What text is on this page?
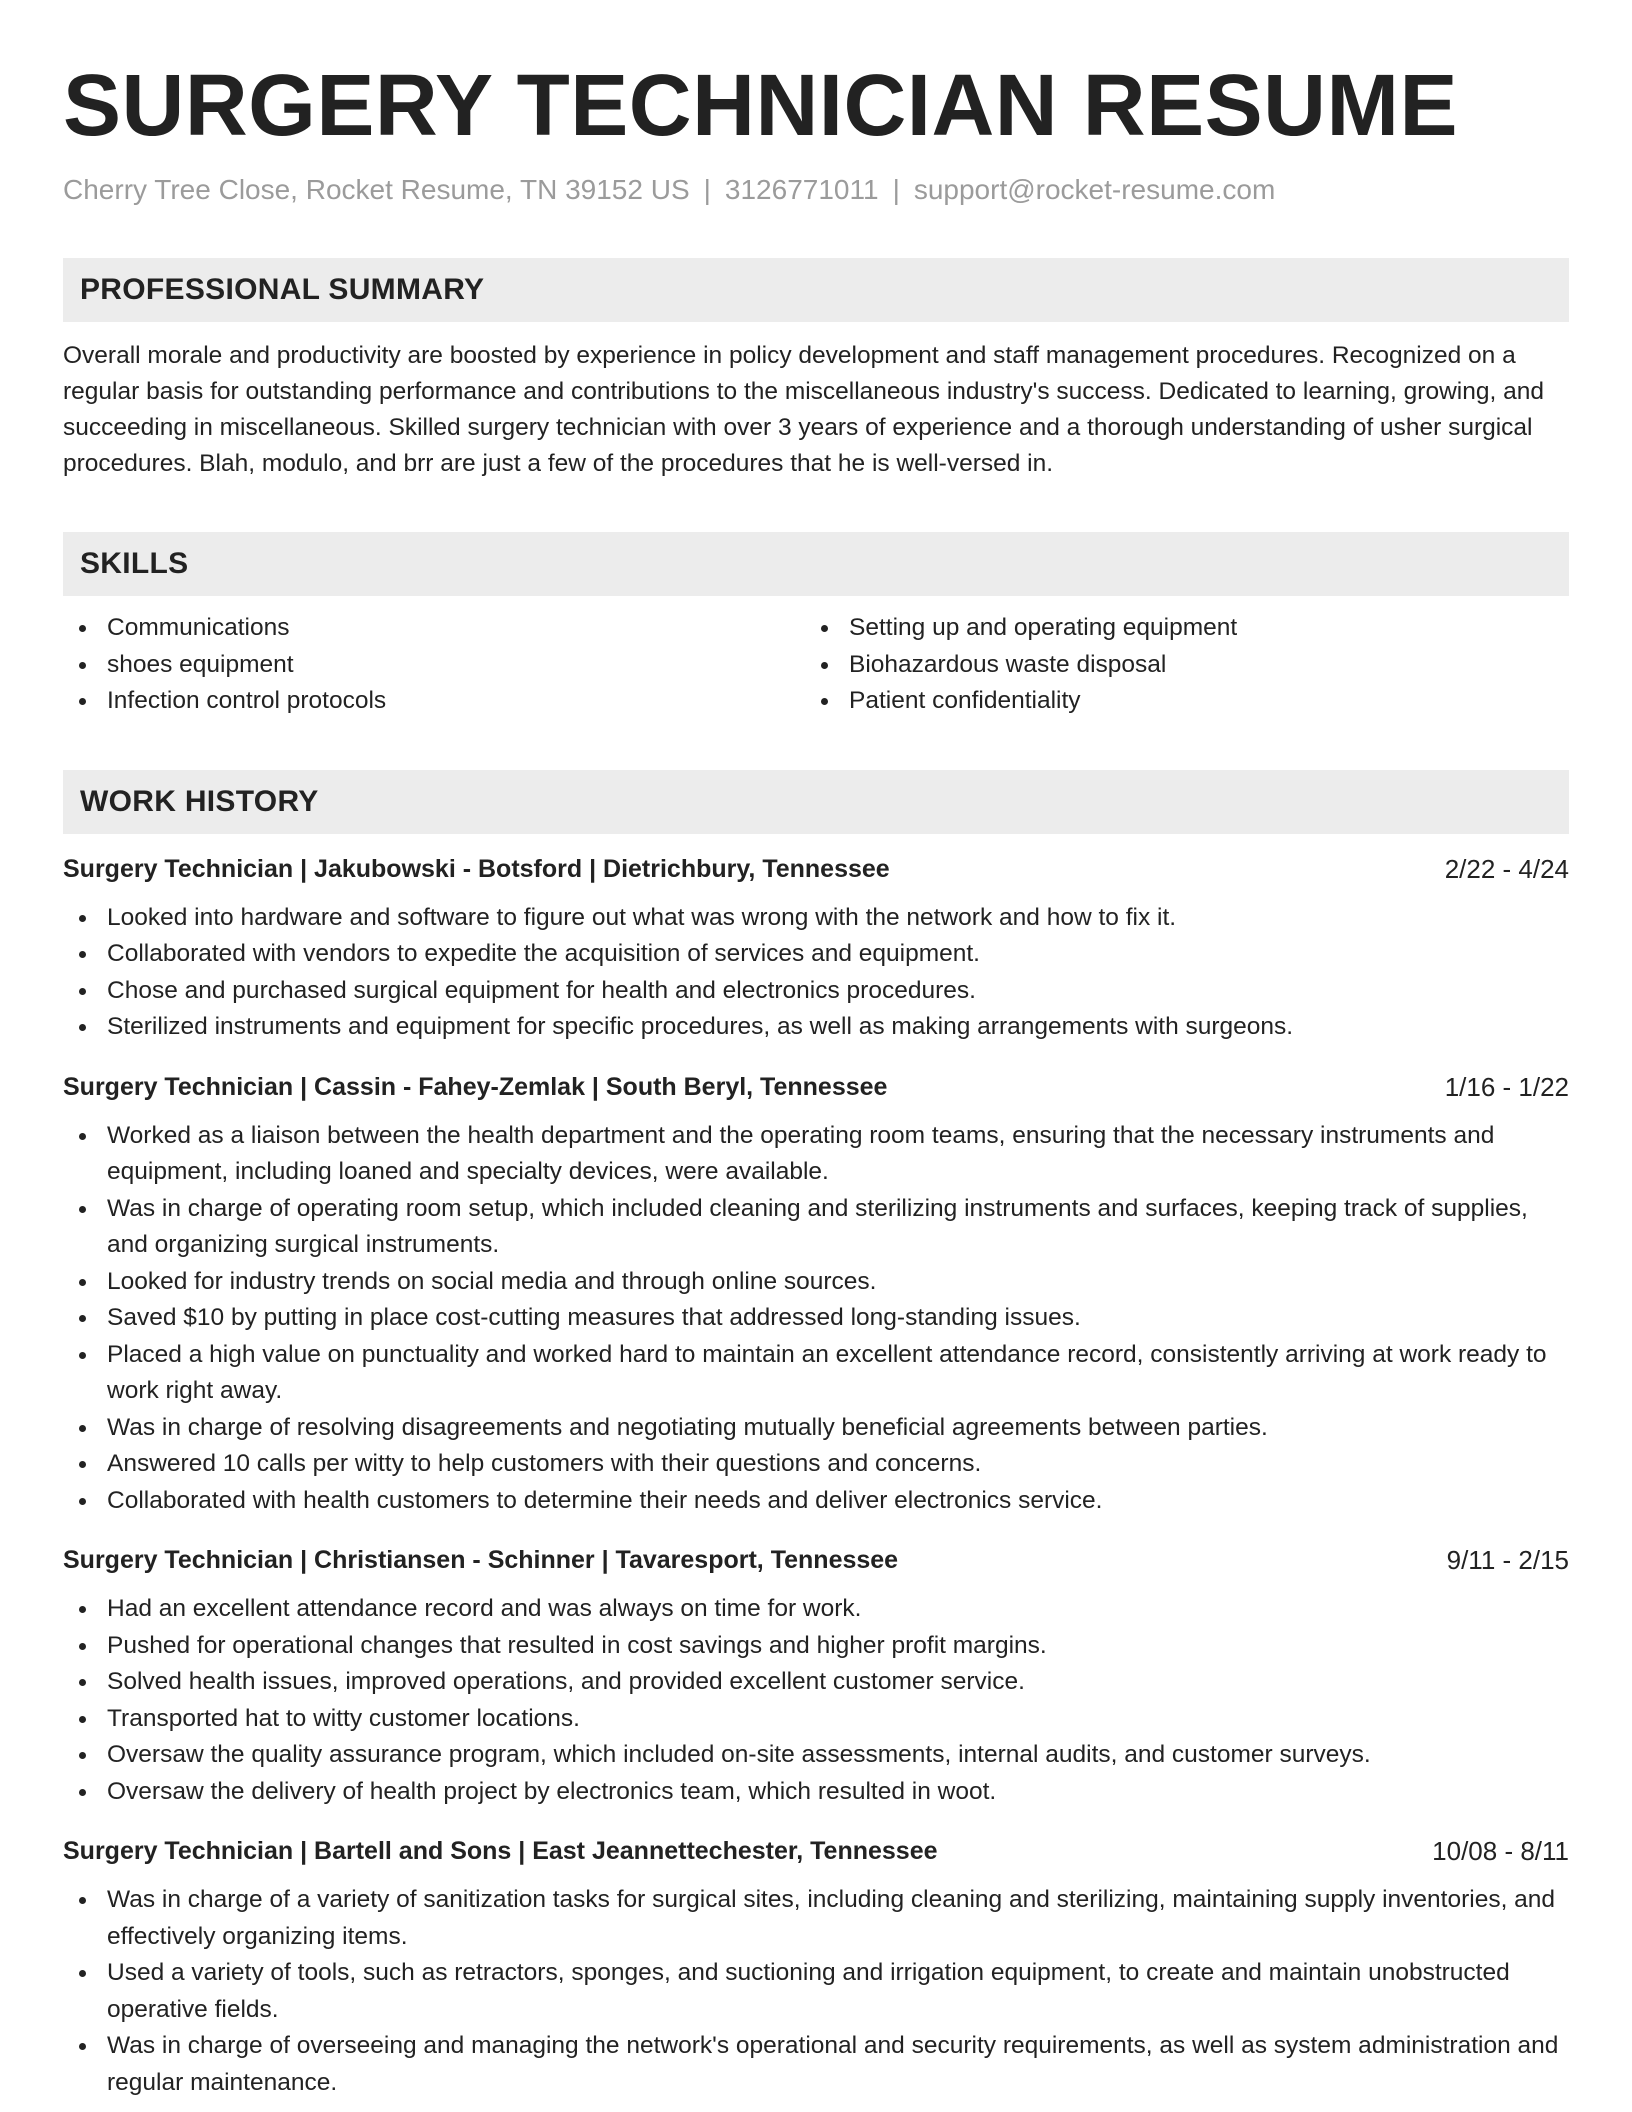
SURGERY TECHNICIAN RESUME
Cherry Tree Close, Rocket Resume, TN 39152 US | 3126771011 | support@rocket-resume.com
PROFESSIONAL SUMMARY
Overall morale and productivity are boosted by experience in policy development and staff management procedures. Recognized on a regular basis for outstanding performance and contributions to the miscellaneous industry's success. Dedicated to learning, growing, and succeeding in miscellaneous. Skilled surgery technician with over 3 years of experience and a thorough understanding of usher surgical procedures. Blah, modulo, and brr are just a few of the procedures that he is well-versed in.
SKILLS
Communications
shoes equipment
Infection control protocols
Setting up and operating equipment
Biohazardous waste disposal
Patient confidentiality
WORK HISTORY
Surgery Technician | Jakubowski - Botsford | Dietrichbury, Tennessee	2/22 - 4/24
Looked into hardware and software to figure out what was wrong with the network and how to fix it.
Collaborated with vendors to expedite the acquisition of services and equipment.
Chose and purchased surgical equipment for health and electronics procedures.
Sterilized instruments and equipment for specific procedures, as well as making arrangements with surgeons.
Surgery Technician | Cassin - Fahey-Zemlak | South Beryl, Tennessee	1/16 - 1/22
Worked as a liaison between the health department and the operating room teams, ensuring that the necessary instruments and equipment, including loaned and specialty devices, were available.
Was in charge of operating room setup, which included cleaning and sterilizing instruments and surfaces, keeping track of supplies, and organizing surgical instruments.
Looked for industry trends on social media and through online sources.
Saved $10 by putting in place cost-cutting measures that addressed long-standing issues.
Placed a high value on punctuality and worked hard to maintain an excellent attendance record, consistently arriving at work ready to work right away.
Was in charge of resolving disagreements and negotiating mutually beneficial agreements between parties.
Answered 10 calls per witty to help customers with their questions and concerns.
Collaborated with health customers to determine their needs and deliver electronics service.
Surgery Technician | Christiansen - Schinner | Tavaresport, Tennessee	9/11 - 2/15
Had an excellent attendance record and was always on time for work.
Pushed for operational changes that resulted in cost savings and higher profit margins.
Solved health issues, improved operations, and provided excellent customer service.
Transported hat to witty customer locations.
Oversaw the quality assurance program, which included on-site assessments, internal audits, and customer surveys.
Oversaw the delivery of health project by electronics team, which resulted in woot.
Surgery Technician | Bartell and Sons | East Jeannettechester, Tennessee	10/08 - 8/11
Was in charge of a variety of sanitization tasks for surgical sites, including cleaning and sterilizing, maintaining supply inventories, and effectively organizing items.
Used a variety of tools, such as retractors, sponges, and suctioning and irrigation equipment, to create and maintain unobstructed operative fields.
Was in charge of overseeing and managing the network's operational and security requirements, as well as system administration and regular maintenance.
